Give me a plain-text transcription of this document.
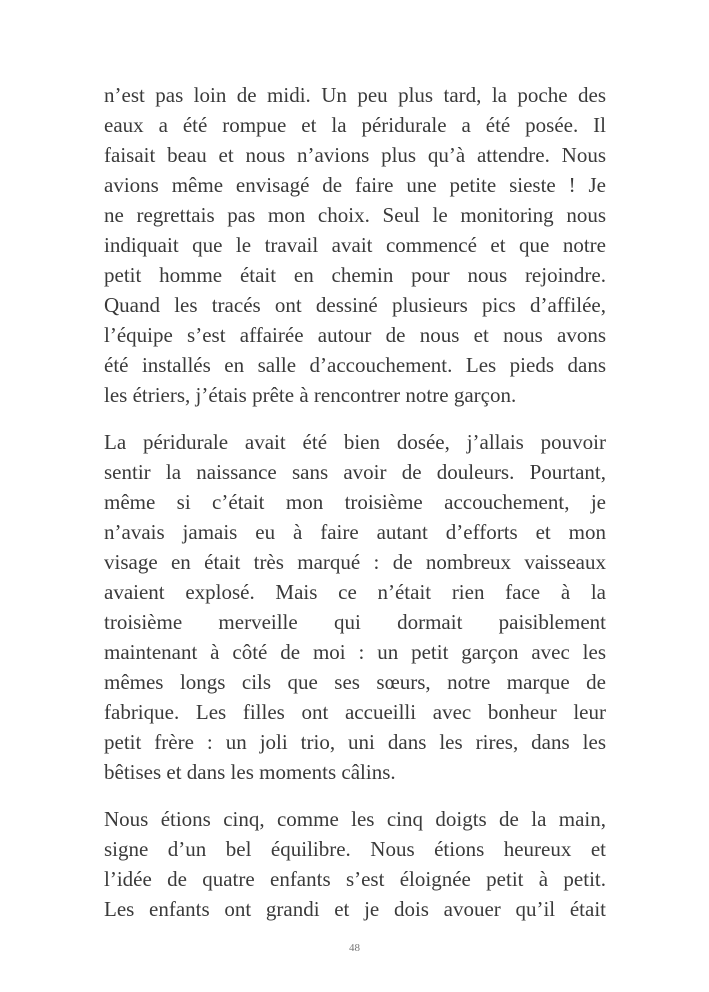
n’est pas loin de midi. Un peu plus tard, la poche des
eaux a été rompue et la péridurale a été posée. Il
faisait beau et nous n’avions plus qu’à attendre. Nous
avions même envisagé de faire une petite sieste ! Je
ne regrettais pas mon choix. Seul le monitoring nous
indiquait que le travail avait commencé et que notre
petit homme était en chemin pour nous rejoindre.
Quand les tracés ont dessiné plusieurs pics d’affilée,
l’équipe s’est affairée autour de nous et nous avons
été installés en salle d’accouchement. Les pieds dans
les étriers, j’étais prête à rencontrer notre garçon.

La péridurale avait été bien dosée, j’allais pouvoir
sentir la naissance sans avoir de douleurs. Pourtant,
même si c’était mon troisième accouchement, je
n’avais jamais eu à faire autant d’efforts et mon
visage en était très marqué : de nombreux vaisseaux
avaient explosé. Mais ce n’était rien face à la
troisième merveille qui dormait paisiblement
maintenant à côté de moi : un petit garçon avec les
mêmes longs cils que ses sœurs, notre marque de
fabrique. Les filles ont accueilli avec bonheur leur
petit frère : un joli trio, uni dans les rires, dans les
bêtises et dans les moments câlins.

Nous étions cinq, comme les cinq doigts de la main,
signe d’un bel équilibre. Nous étions heureux et
l’idée de quatre enfants s’est éloignée petit à petit.
Les enfants ont grandi et je dois avouer qu’il était

48
